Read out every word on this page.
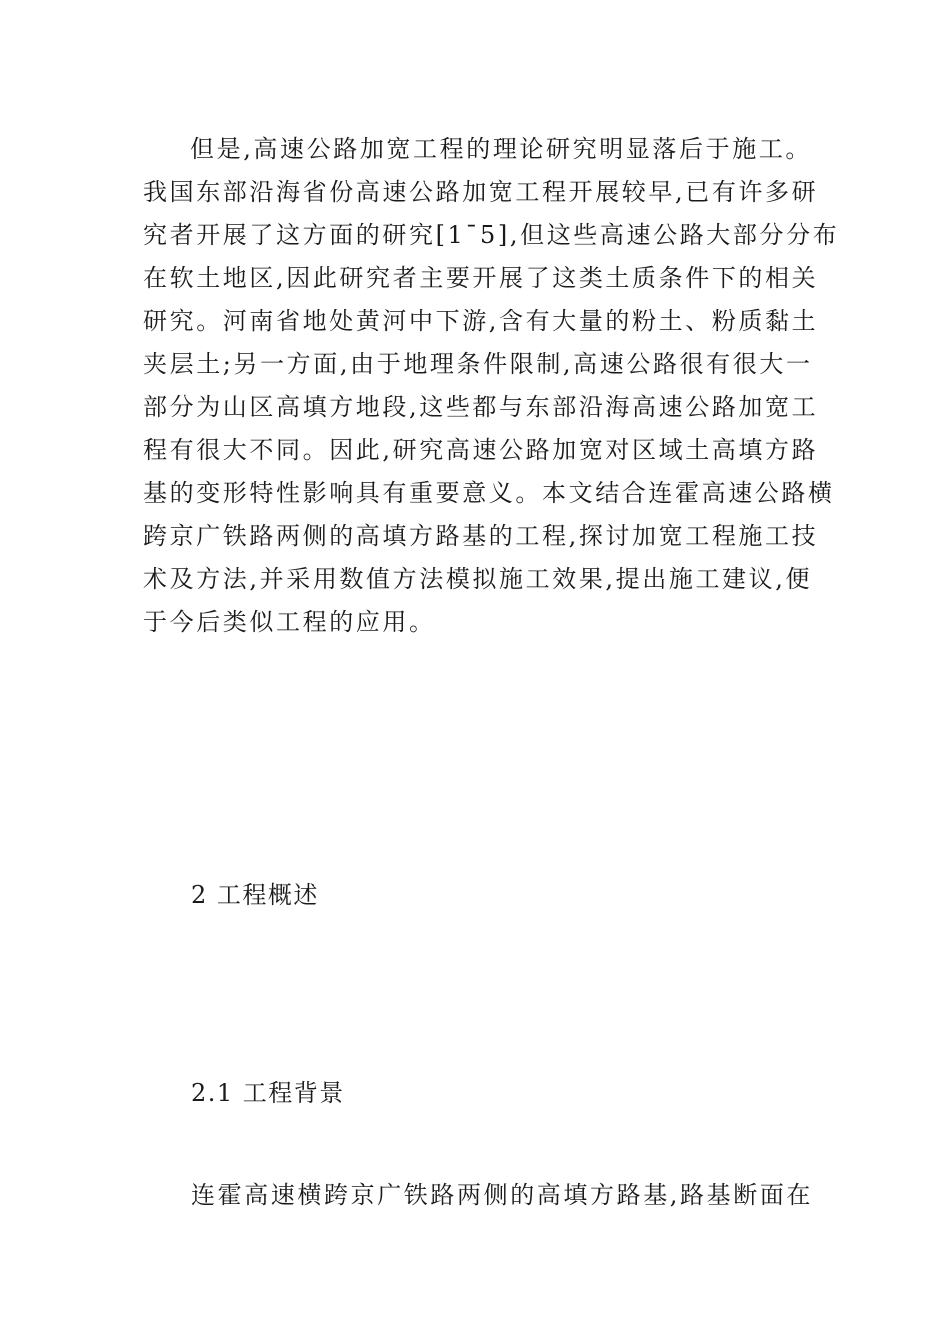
但是,高速公路加宽工程的理论研究明显落后于施工。
我国东部沿海省份高速公路加宽工程开展较早,已有许多研
究者开展了这方面的研究[1¯5],但这些高速公路大部分分布
在软土地区,因此研究者主要开展了这类土质条件下的相关
研究。河南省地处黄河中下游,含有大量的粉土、粉质黏土
夹层土;另一方面,由于地理条件限制,高速公路很有很大一
部分为山区高填方地段,这些都与东部沿海高速公路加宽工
程有很大不同。因此,研究高速公路加宽对区域土高填方路
基的变形特性影响具有重要意义。本文结合连霍高速公路横
跨京广铁路两侧的高填方路基的工程,探讨加宽工程施工技
术及方法,并采用数值方法模拟施工效果,提出施工建议,便
于今后类似工程的应用。
2 工程概述
2.1 工程背景
连霍高速横跨京广铁路两侧的高填方路基,路基断面在
